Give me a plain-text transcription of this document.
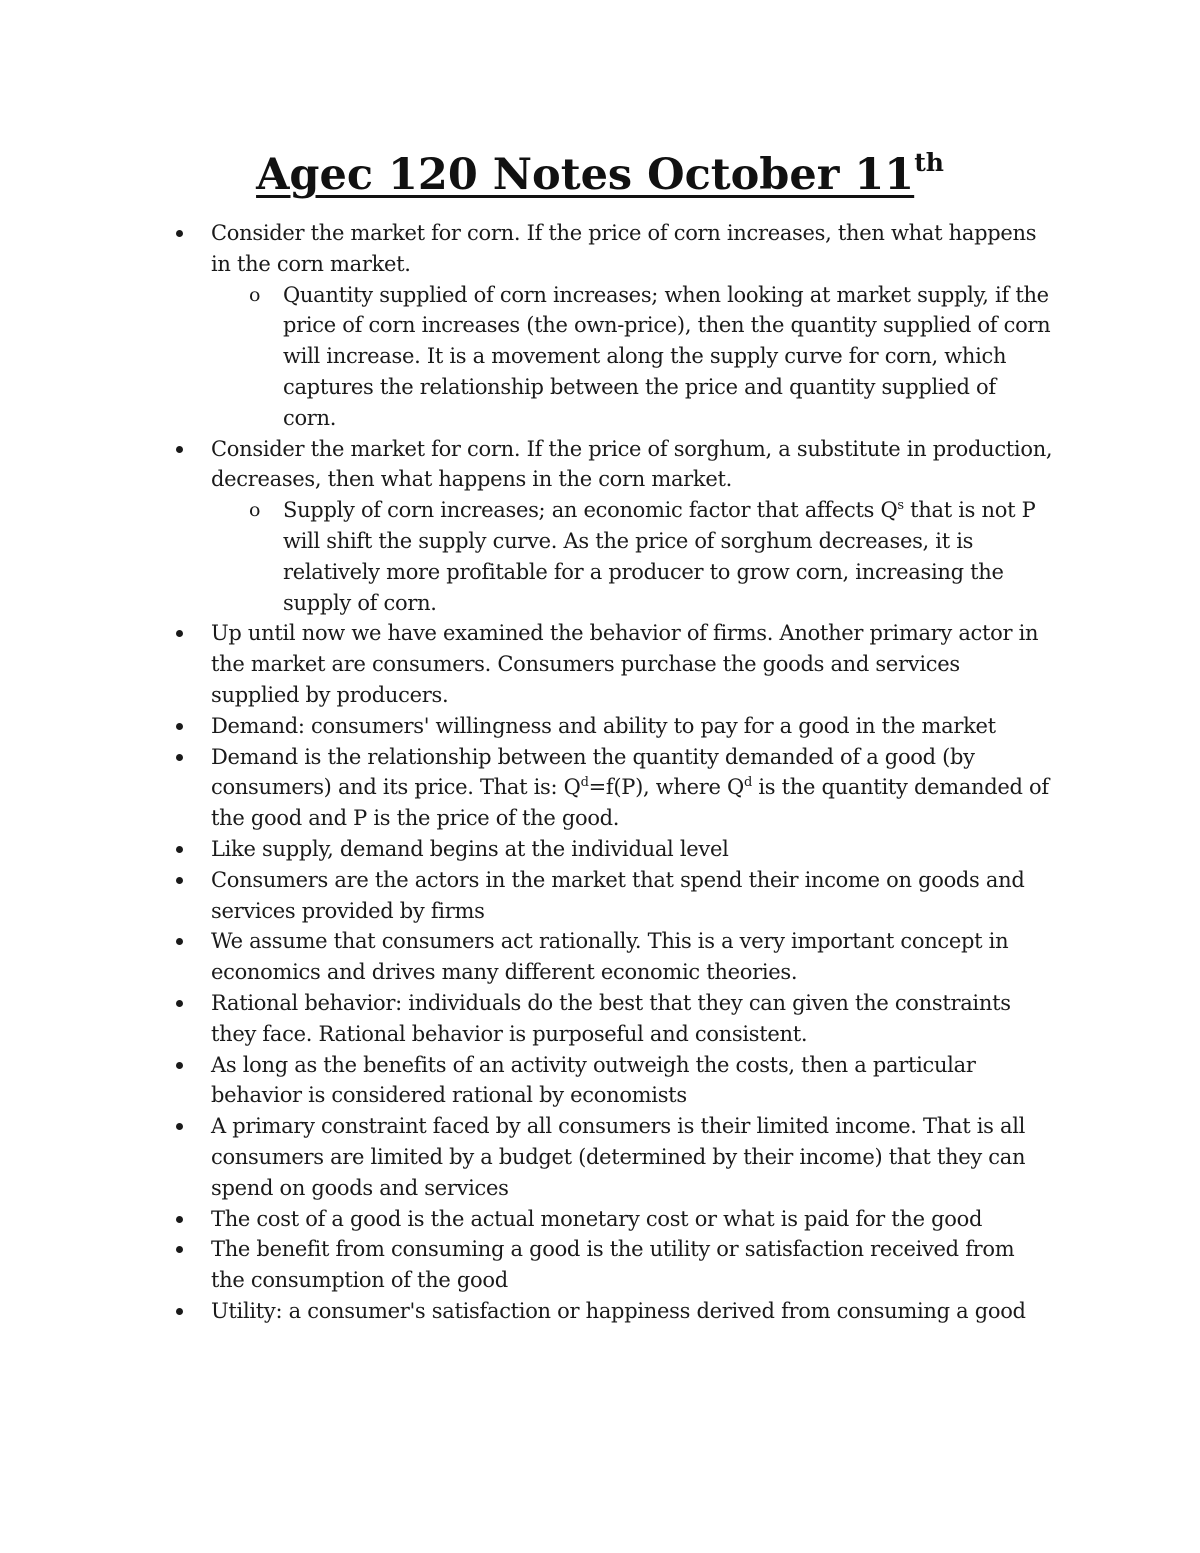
Agec 120 Notes October 11th
Consider the market for corn. If the price of corn increases, then what happens in the corn market.
o Quantity supplied of corn increases; when looking at market supply, if the price of corn increases (the own-price), then the quantity supplied of corn will increase. It is a movement along the supply curve for corn, which captures the relationship between the price and quantity supplied of corn.
Consider the market for corn. If the price of sorghum, a substitute in production, decreases, then what happens in the corn market.
o Supply of corn increases; an economic factor that affects $Q^s$ that is not P will shift the supply curve. As the price of sorghum decreases, it is relatively more profitable for a producer to grow corn, increasing the supply of corn.
Up until now we have examined the behavior of firms. Another primary actor in the market are consumers. Consumers purchase the goods and services supplied by producers.
Demand: consumers' willingness and ability to pay for a good in the market
Demand is the relationship between the quantity demanded of a good (by consumers) and its price. That is: $Q^d=f(P)$, where $Q^d$ is the quantity demanded of the good and P is the price of the good.
Like supply, demand begins at the individual level
Consumers are the actors in the market that spend their income on goods and services provided by firms
We assume that consumers act rationally. This is a very important concept in economics and drives many different economic theories.
Rational behavior: individuals do the best that they can given the constraints they face. Rational behavior is purposeful and consistent.
As long as the benefits of an activity outweigh the costs, then a particular behavior is considered rational by economists
A primary constraint faced by all consumers is their limited income. That is all consumers are limited by a budget (determined by their income) that they can spend on goods and services
The cost of a good is the actual monetary cost or what is paid for the good
The benefit from consuming a good is the utility or satisfaction received from the consumption of the good
Utility: a consumer's satisfaction or happiness derived from consuming a good
